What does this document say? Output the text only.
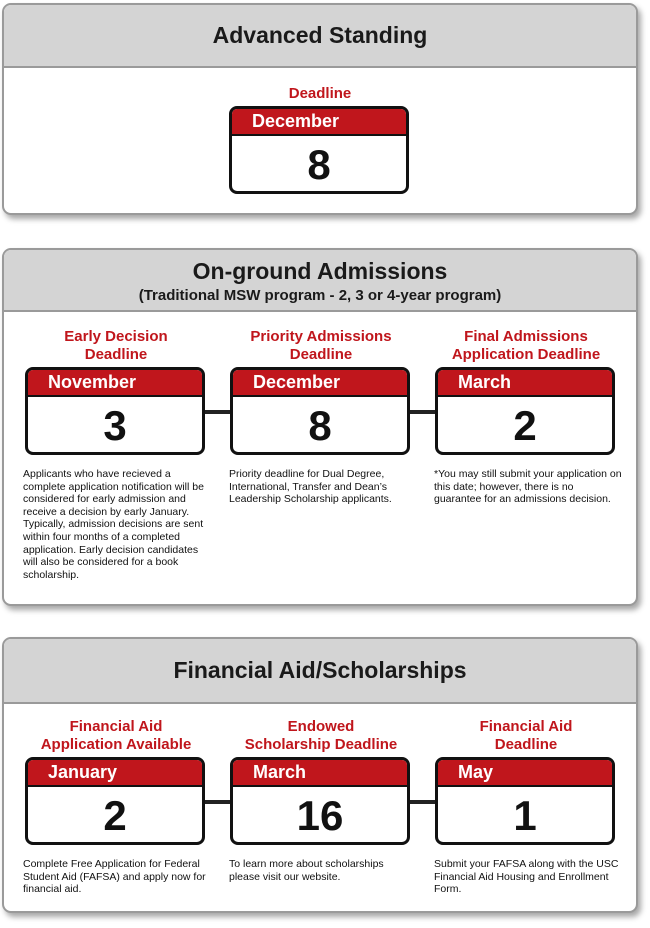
Advanced Standing
Deadline
December
8
On-ground Admissions
(Traditional MSW program - 2, 3 or 4-year program)
Early Decision
Deadline
November
3
Applicants who have recieved a complete application notification will be considered for early admission and receive a decision by early January. Typically, admission decisions are sent within four months of a completed application. Early decision candidates will also be considered for a book scholarship.
Priority Admissions
Deadline
December
8
Priority deadline for Dual Degree, International, Transfer and Dean’s Leadership Scholarship applicants.
Final Admissions
Application Deadline
March
2
*You may still submit your application on this date; however, there is no guarantee for an admissions decision.
Financial Aid/Scholarships
Financial Aid
Application Available
January
2
Complete Free Application for Federal Student Aid (FAFSA) and apply now for financial aid.
Endowed
Scholarship Deadline
March
16
To learn more about scholarships please visit our website.
Financial Aid
Deadline
May
1
Submit your FAFSA along with the USC Financial Aid Housing and Enrollment Form.
